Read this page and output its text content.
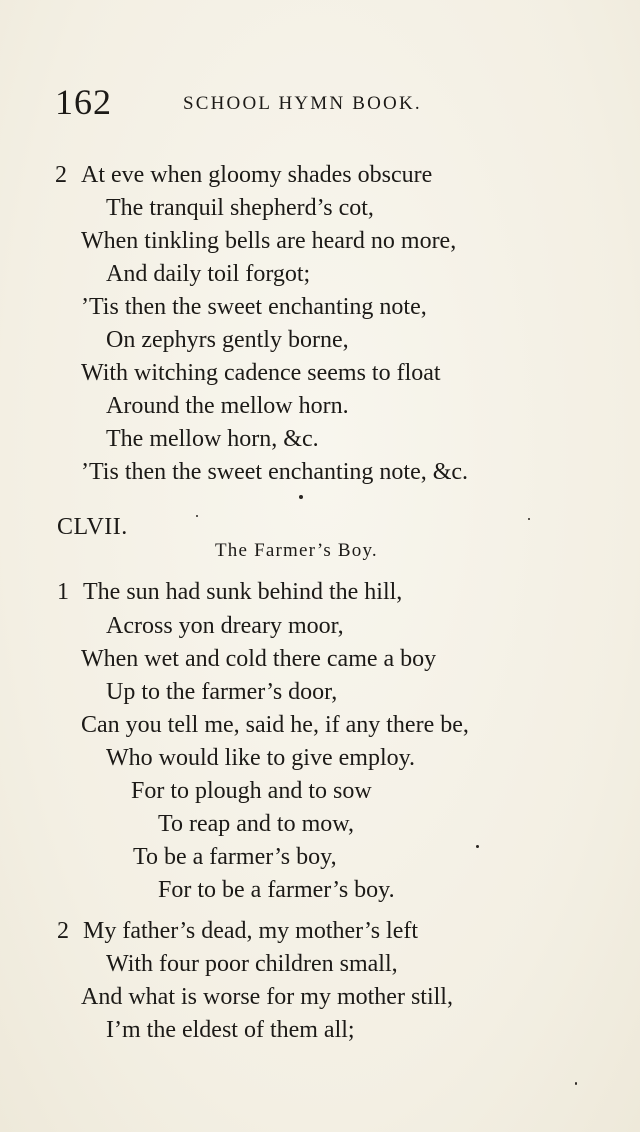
162	SCHOOL HYMN BOOK.
2 At eve when gloomy shades obscure
The tranquil shepherd’s cot,
When tinkling bells are heard no more,
And daily toil forgot;
’Tis then the sweet enchanting note,
On zephyrs gently borne,
With witching cadence seems to float
Around the mellow horn.
The mellow horn, &c.
’Tis then the sweet enchanting note, &c.
CLVII.
The Farmer’s Boy.
1 The sun had sunk behind the hill,
Across yon dreary moor,
When wet and cold there came a boy
Up to the farmer’s door,
Can you tell me, said he, if any there be,
Who would like to give employ.
For to plough and to sow
To reap and to mow,
To be a farmer’s boy,
For to be a farmer’s boy.
2 My father’s dead, my mother’s left
With four poor children small,
And what is worse for my mother still,
I’m the eldest of them all;
